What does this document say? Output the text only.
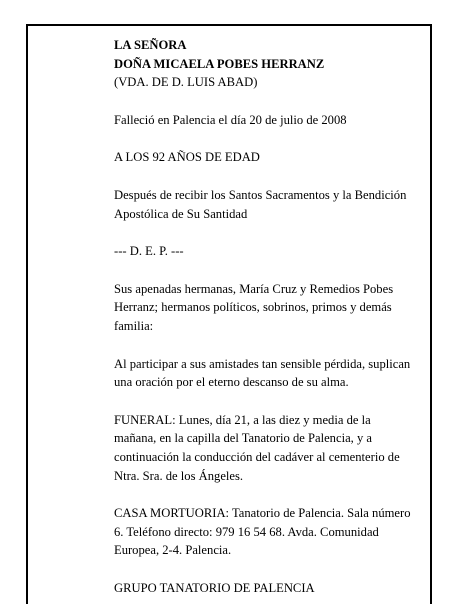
LA SEÑORA
DOÑA MICAELA POBES HERRANZ
(VDA. DE D. LUIS ABAD)

Falleció en Palencia el día 20 de julio de 2008

A LOS 92 AÑOS DE EDAD

Después de recibir los Santos Sacramentos y la Bendición Apostólica de Su Santidad

--- D. E. P. ---

Sus apenadas hermanas, María Cruz y Remedios Pobes Herranz; hermanos políticos, sobrinos, primos y demás familia:

Al participar a sus amistades tan sensible pérdida, suplican una oración por el eterno descanso de su alma.

FUNERAL: Lunes, día 21, a las diez y media de la mañana, en la capilla del Tanatorio de Palencia, y a continuación la conducción del cadáver al cementerio de Ntra. Sra. de los Ángeles.

CASA MORTUORIA: Tanatorio de Palencia. Sala número 6. Teléfono directo: 979 16 54 68. Avda. Comunidad Europea, 2-4. Palencia.

GRUPO TANATORIO DE PALENCIA
